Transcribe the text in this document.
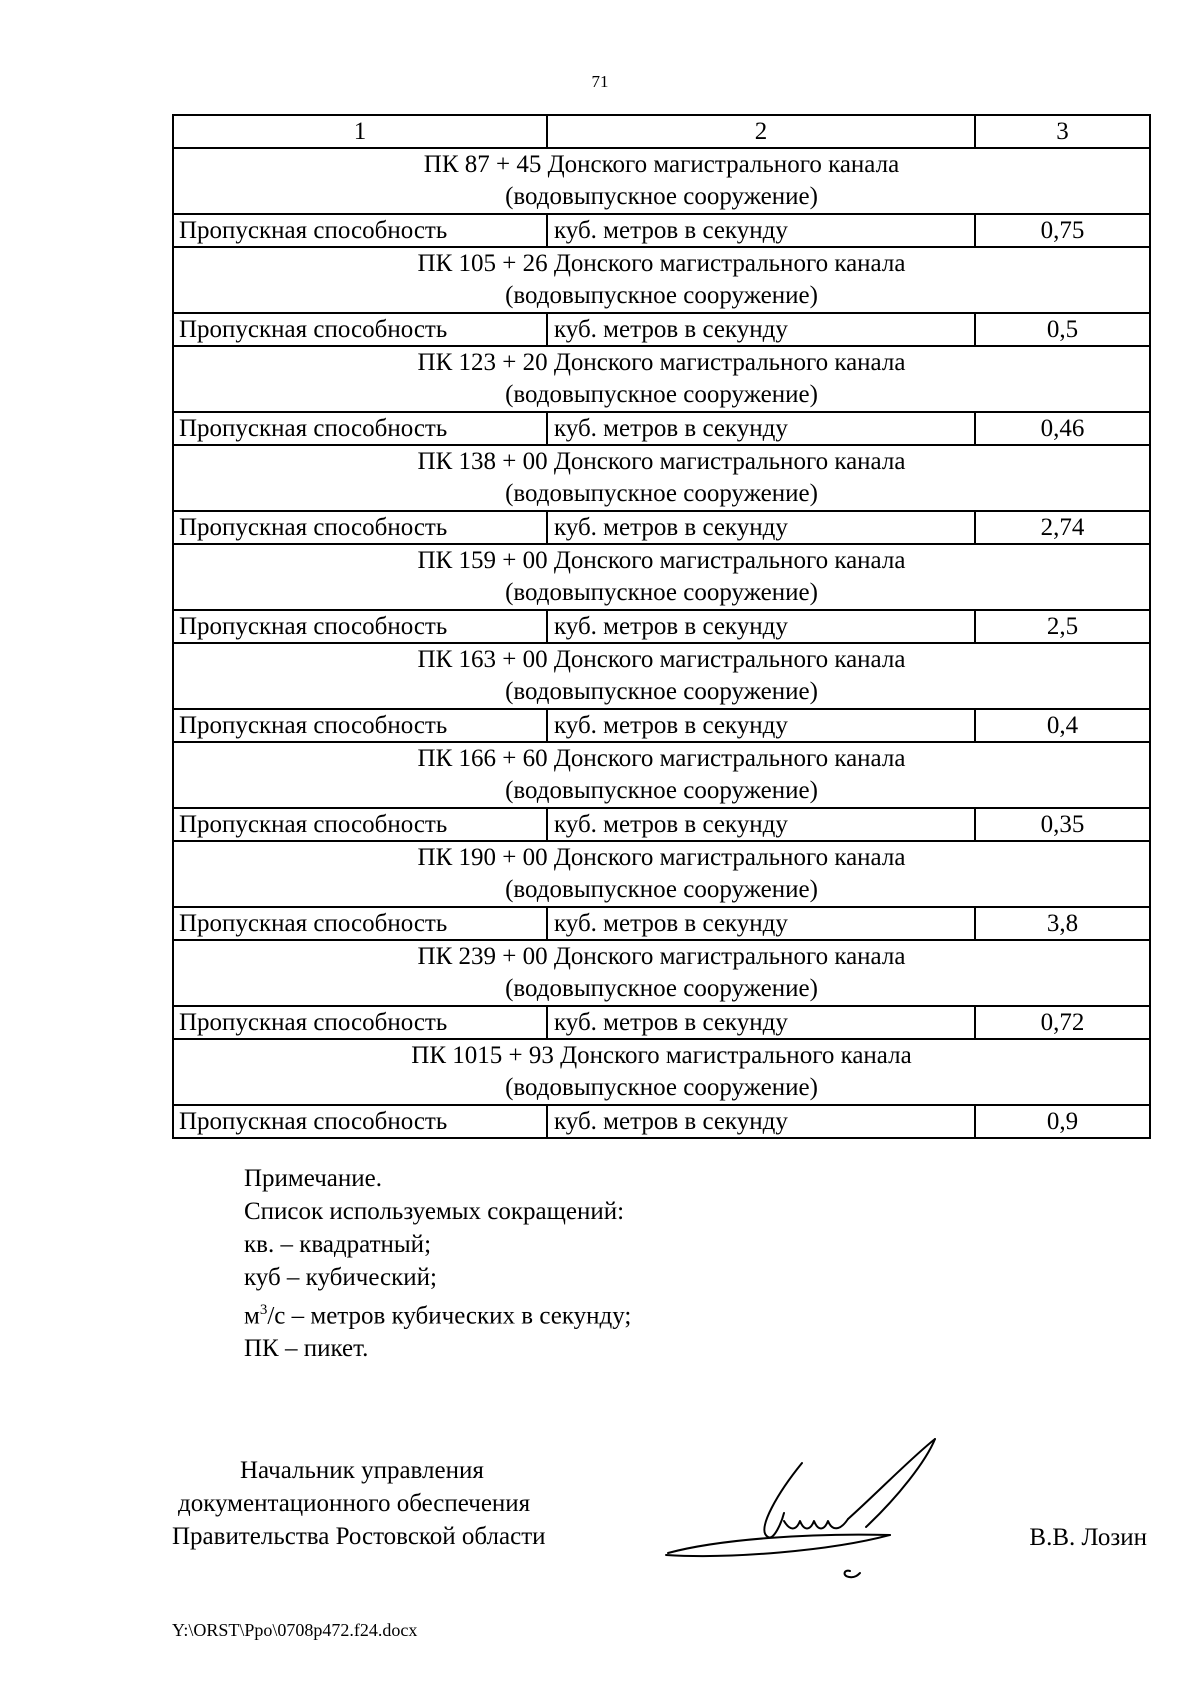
71
1	2	3

ПК 87 + 45 Донского магистрального канала
(водовыпускное сооружение)		

Пропускная способность	куб. метров в секунду	0,75

ПК 105 + 26 Донского магистрального канала
(водовыпускное сооружение)		

Пропускная способность	куб. метров в секунду	0,5

ПК 123 + 20 Донского магистрального канала
(водовыпускное сооружение)		

Пропускная способность	куб. метров в секунду	0,46

ПК 138 + 00 Донского магистрального канала
(водовыпускное сооружение)		

Пропускная способность	куб. метров в секунду	2,74

ПК 159 + 00 Донского магистрального канала
(водовыпускное сооружение)		

Пропускная способность	куб. метров в секунду	2,5

ПК 163 + 00 Донского магистрального канала
(водовыпускное сооружение)		

Пропускная способность	куб. метров в секунду	0,4

ПК 166 + 60 Донского магистрального канала
(водовыпускное сооружение)		

Пропускная способность	куб. метров в секунду	0,35

ПК 190 + 00 Донского магистрального канала
(водовыпускное сооружение)		

Пропускная способность	куб. метров в секунду	3,8

ПК 239 + 00 Донского магистрального канала
(водовыпускное сооружение)		

Пропускная способность	куб. метров в секунду	0,72

ПК 1015 + 93 Донского магистрального канала
(водовыпускное сооружение)		

Пропускная способность	куб. метров в секунду	0,9
Примечание.
Список используемых сокращений:
кв. – квадратный;
куб – кубический;
$м^3/с$ – метров кубических в секунду;
ПК – пикет.
Начальник управления
документационного обеспечения
Правительства Ростовской области	В.В. Лозин
Y:\ORST\Ppo\0708p472.f24.docx
